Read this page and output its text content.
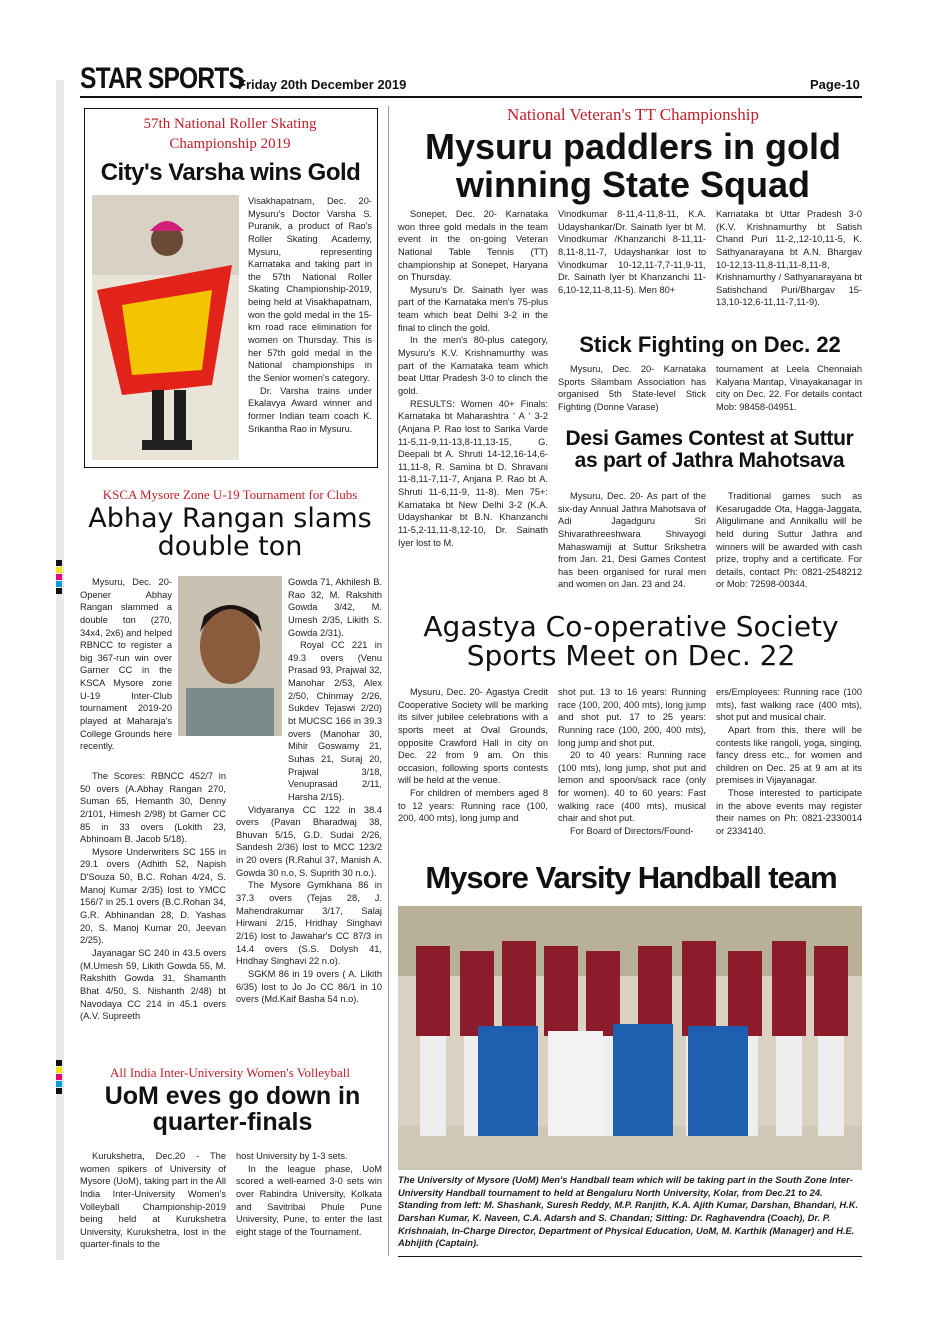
STAR SPORTS
Friday 20th December 2019	Page-10
57th National Roller Skating Championship 2019
City's Varsha wins Gold

Visakhapatnam, Dec. 20- Mysuru's Doctor Varsha S. Puranik, a product of Rao's Roller Skating Academy, Mysuru, representing Karnataka and taking part in the 57th National Roller Skating Championship-2019, being held at Visakhapatnam, won the gold medal in the 15-km road race elimination for women on Thursday. This is her 57th gold medal in the National championships in the Senior women's category.

Dr. Varsha trains under Ekalavya Award winner and former Indian team coach K. Srikantha Rao in Mysuru.

National Veteran's TT Championship
Mysuru paddlers in gold winning State Squad

Sonepet, Dec. 20- Karnataka won three gold medals in the team event in the on-going Veteran National Table Tennis (TT) championship at Sonepet, Haryana on Thursday.

Mysuru's Dr. Sainath Iyer was part of the Karnataka men's 75-plus team which beat Delhi 3-2 in the final to clinch the gold.

In the men's 80-plus category, Mysuru's K.V. Krishnamurthy was part of the Karnataka team which beat Uttar Pradesh 3-0 to clinch the gold.

RESULTS: Women 40+ Finals: Karnataka bt Maharashtra ' A ' 3-2 (Anjana P. Rao lost to Sarika Varde 11-5,11-9,11-13,8-11,13-15, G. Deepali bt A. Shruti 14-12,16-14,6-11,11-8, R. Samina bt D. Shravani 11-8,11-7,11-7, Anjana P. Rao bt A. Shruti 11-6,11-9, 11-8). Men 75+: Karnataka bt New Delhi 3-2 (K.A. Udayshankar bt B.N. Khanzanchi 11-5,2-11,11-8,12-10, Dr. Sainath Iyer lost to M.

Vinodkumar 8-11,4-11,8-11, K.A. Udayshankar/Dr. Sainath Iyer bt M. Vinodkumar /Khanzanchi 8-11,11-8,11-8,11-7, Udayshankar lost to Vinodkumar 10-12,11-7,7-11,9-11, Dr. Sainath Iyer bt Khanzanchi 11-6,10-12,11-8,11-5). Men 80+

Karnataka bt Uttar Pradesh 3-0 (K.V. Krishnamurthy bt Satish Chand Puri 11-2,,12-10,11-5, K. Sathyanarayana bt A.N. Bhargav 10-12,13-11,8-11,11-8,11-8, Krishnamurthy / Sathyanarayana bt Satishchand Puri/Bhargav 15-13,10-12,6-11,11-7,11-9).

Stick Fighting on Dec. 22

Mysuru, Dec. 20- Karnataka Sports Silambam Association has organised 5th State-level Stick Fighting (Donne Varase)

tournament at Leela Chennaiah Kalyana Mantap, Vinayakanagar in city on Dec. 22. For details contact Mob: 98458-04951.

Desi Games Contest at Suttur as part of Jathra Mahotsava

Mysuru, Dec. 20- As part of the six-day Annual Jathra Mahotsava of Adi Jagadguru Sri Shivarathreeshwara Shivayogi Mahaswamiji at Suttur Srikshetra from Jan. 21, Desi Games Contest has been organised for rural men and women on Jan. 23 and 24.

Traditional games such as Kesarugadde Ota, Hagga-Jaggata, Aligulimane and Annikallu will be held during Suttur Jathra and winners will be awarded with cash prize, trophy and a certificate. For details, contact Ph: 0821-2548212 or Mob: 72598-00344.

KSCA Mysore Zone U-19 Tournament for Clubs
Abhay Rangan slams double ton

Mysuru, Dec. 20- Opener Abhay Rangan slammed a double ton (270, 34x4, 2x6) and helped RBNCC to register a big 367-run win over Garner CC in the KSCA Mysore zone U-19 Inter-Club tournament 2019-20 played at Maharaja's College Grounds here recently.

The Scores: RBNCC 452/7 in 50 overs (A.Abhay Rangan 270, Suman 65, Hemanth 30, Denny 2/101, Himesh 2/98) bt Garner CC 85 in 33 overs (Lokith 23, Abhinoam B. Jacob 5/18).

Mysore Underwriters SC 155 in 29.1 overs (Adhith 52, Napish D'Souza 50, B.C. Rohan 4/24, S. Manoj Kumar 2/35) lost to YMCC 156/7 in 25.1 overs (B.C.Rohan 34, G.R. Abhinandan 28, D. Yashas 20, S. Manoj Kumar 20, Jeevan 2/25).

Jayanagar SC 240 in 43.5 overs (M.Umesh 59, Likith Gowda 55, M. Rakshith Gowda 31, Shamanth Bhat 4/50, S. Nishanth 2/48) bt Navodaya CC 214 in 45.1 overs (A.V. Supreeth

Gowda 71, Akhilesh B. Rao 32, M. Rakshith Gowda 3/42, M. Umesh 2/35, Likith S. Gowda 2/31).

Royal CC 221 in 49.3 overs (Venu Prasad 93, Prajwal 32, Manohar 2/53, Alex 2/50, Chinmay 2/26, Sukdev Tejaswi 2/20) bt MUCSC 166 in 39.3 overs (Manohar 30, Mihir Goswamy 21, Suhas 21, Suraj 20, Prajwal 3/18, Venuprasad 2/11, Harsha 2/15).

Vidyaranya CC 122 in 38.4 overs (Pavan Bharadwaj 38, Bhuvan 5/15, G.D. Sudai 2/26, Sandesh 2/36) lost to MCC 123/2 in 20 overs (R.Rahul 37, Manish A. Gowda 30 n.o, S. Suprith 30 n.o.).

The Mysore Gymkhana 86 in 37.3 overs (Tejas 28, J. Mahendrakumar 3/17, Salaj Hirwani 2/15, Hridhay Singhavi 2/16) lost to Jawahar's CC 87/3 in 14.4 overs (S.S. Dolysh 41, Hridhay Singhavi 22 n.o).

SGKM 86 in 19 overs ( A. Likith 6/35) lost to Jo Jo CC 86/1 in 10 overs (Md.Kaif Basha 54 n.o).

Agastya Co-operative Society Sports Meet on Dec. 22

Mysuru, Dec. 20- Agastya Credit Cooperative Society will be marking its silver jubilee celebrations with a sports meet at Oval Grounds, opposite Crawford Hall in city on Dec. 22 from 9 am. On this occasion, following sports contests will be held at the venue.

For children of members aged 8 to 12 years: Running race (100, 200, 400 mts), long jump and

shot put. 13 to 16 years: Running race (100, 200, 400 mts), long jump and shot put. 17 to 25 years: Running race (100, 200, 400 mts), long jump and shot put.

20 to 40 years: Running race (100 mts), long jump, shot put and lemon and spoon/sack race (only for women). 40 to 60 years: Fast walking race (400 mts), musical chair and shot put.

For Board of Directors/Found-

ers/Employees: Running race (100 mts), fast walking race (400 mts), shot put and musical chair.

Apart from this, there will be contests like rangoli, yoga, singing, fancy dress etc., for women and children on Dec. 25 at 9 am at its premises in Vijayanagar.

Those interested to participate in the above events may register their names on Ph: 0821-2330014 or 2334140.

Mysore Varsity Handball team
The University of Mysore (UoM) Men's Handball team which will be taking part in the South Zone Inter-University Handball tournament to held at Bengaluru North University, Kolar, from Dec.21 to 24. Standing from left: M. Shashank, Suresh Reddy, M.P. Ranjith, K.A. Ajith Kumar, Darshan, Bhandari, H.K. Darshan Kumar, K. Naveen, C.A. Adarsh and S. Chandan; Sitting: Dr. Raghavendra (Coach), Dr. P. Krishnaiah, In-Charge Director, Department of Physical Education, UoM, M. Karthik (Manager) and H.E. Abhijith (Captain).
All India Inter-University Women's Volleyball
UoM eves go down in quarter-finals

Kurukshetra, Dec.20 - The women spikers of University of Mysore (UoM), taking part in the All India Inter-University Women's Volleyball Championship-2019 being held at Kurukshetra University, Kurukshetra, lost in the quarter-finals to the

host University by 1-3 sets.

In the league phase, UoM scored a well-earned 3-0 sets win over Rabindra University, Kolkata and Savitribai Phule Pune University, Pune, to enter the last eight stage of the Tournament.
